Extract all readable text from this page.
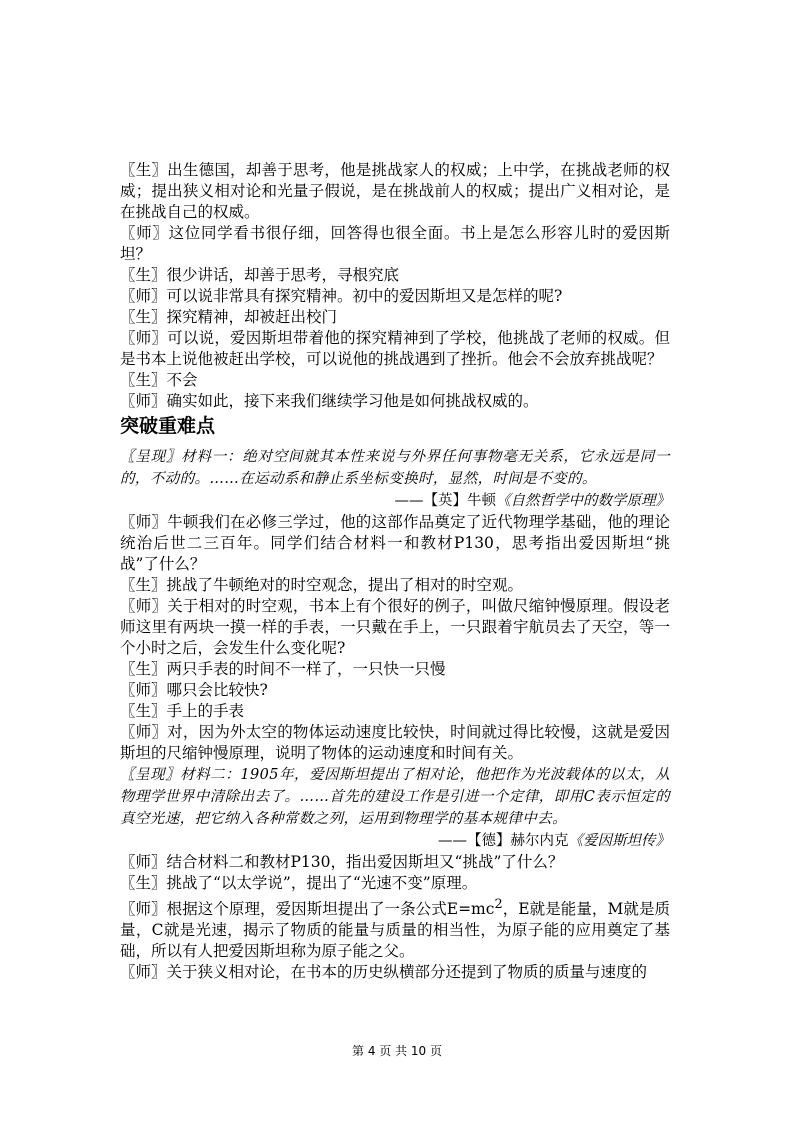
〖生〗出生德国，却善于思考，他是挑战家人的权威；上中学，在挑战老师的权威；提出狭义相对论和光量子假说，是在挑战前人的权威；提出广义相对论，是在挑战自己的权威。

〖师〗这位同学看书很仔细，回答得也很全面。书上是怎么形容儿时的爱因斯坦？

〖生〗很少讲话，却善于思考，寻根究底

〖师〗可以说非常具有探究精神。初中的爱因斯坦又是怎样的呢?

〖生〗探究精神，却被赶出校门

〖师〗可以说，爱因斯坦带着他的探究精神到了学校，他挑战了老师的权威。但是书本上说他被赶出学校，可以说他的挑战遇到了挫折。他会不会放弃挑战呢？

〖生〗不会

〖师〗确实如此，接下来我们继续学习他是如何挑战权威的。

突破重难点

〖呈现〗材料一：绝对空间就其本性来说与外界任何事物毫无关系，它永远是同一的，不动的。……在运动系和静止系坐标变换时，显然，时间是不变的。

——【英】牛顿《自然哲学中的数学原理》

〖师〗牛顿我们在必修三学过，他的这部作品奠定了近代物理学基础，他的理论统治后世二三百年。同学们结合材料一和教材P130，思考指出爱因斯坦“挑战”了什么？

〖生〗挑战了牛顿绝对的时空观念，提出了相对的时空观。

〖师〗关于相对的时空观，书本上有个很好的例子，叫做尺缩钟慢原理。假设老师这里有两块一摸一样的手表，一只戴在手上，一只跟着宇航员去了天空，等一个小时之后，会发生什么变化呢?

〖生〗两只手表的时间不一样了，一只快一只慢

〖师〗哪只会比较快?

〖生〗手上的手表

〖师〗对，因为外太空的物体运动速度比较快，时间就过得比较慢，这就是爱因斯坦的尺缩钟慢原理，说明了物体的运动速度和时间有关。

〖呈现〗材料二：1905年，爱因斯坦提出了相对论，他把作为光波载体的以太，从物理学世界中清除出去了。……首先的建设工作是引进一个定律，即用C表示恒定的真空光速，把它纳入各种常数之列，运用到物理学的基本规律中去。

——【德】赫尔内克《爱因斯坦传》

〖师〗结合材料二和教材P130，指出爱因斯坦又“挑战”了什么？

〖生〗挑战了“以太学说”，提出了“光速不变”原理。

〖师〗根据这个原理，爱因斯坦提出了一条公式$E=mc^2$，E就是能量，M就是质量，C就是光速，揭示了物质的能量与质量的相当性，为原子能的应用奠定了基础，所以有人把爱因斯坦称为原子能之父。

〖师〗关于狭义相对论，在书本的历史纵横部分还提到了物质的质量与速度的

第 4 页 共 10 页
